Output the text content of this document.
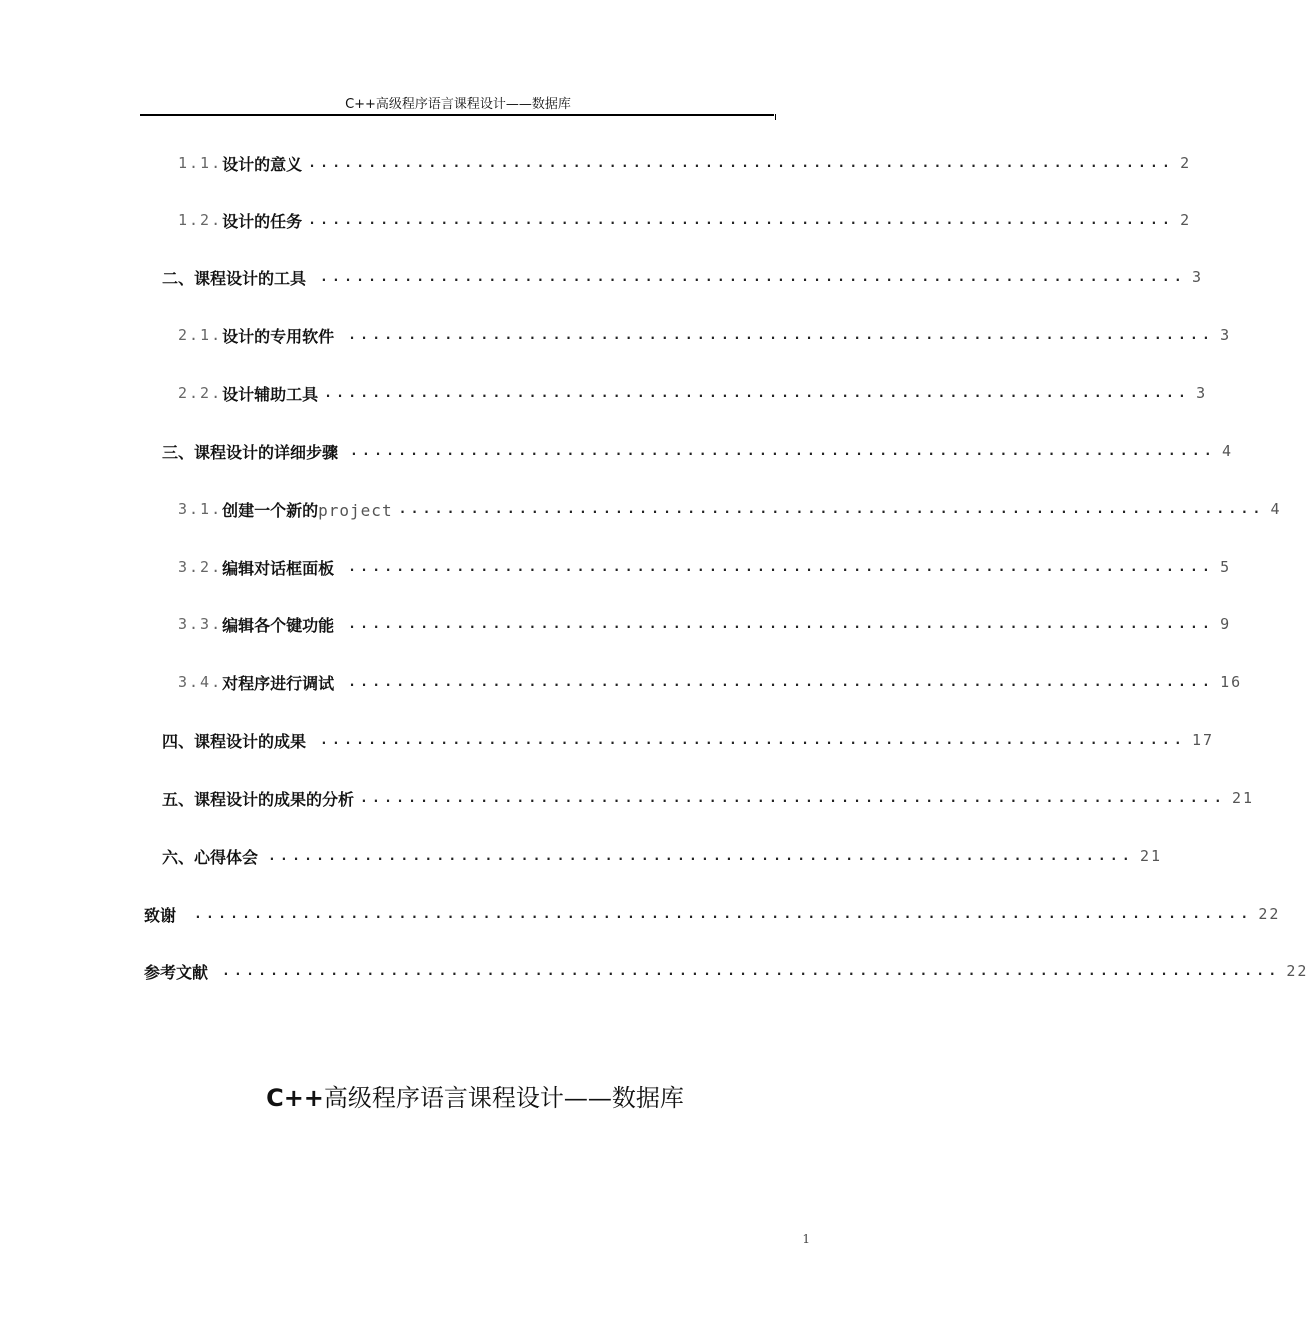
C++高级程序语言课程设计——数据库
1.1. 设计的意义 ........................................................................ 2
1.2. 设计的任务 ........................................................................ 2
二、 课程设计的工具	........................................................................ 3
2.1. 设计的专用软件	........................................................................ 3
2.2. 设计辅助工具 ........................................................................ 3
三、 课程设计的详细步骤 ........................................................................ 4
3.1. 创建一个新的project ........................................................................ 4
3.2. 编辑对话框面板	........................................................................ 5
3.3. 编辑各个键功能	........................................................................ 9
3.4. 对程序进行调试	........................................................................ 16
四、 课程设计的成果	........................................................................ 17
五、 课程设计的成果的分析 ........................................................................ 21
六、 心得体会 ........................................................................ 21
致谢	........................................................................................ 22
参考文献	........................................................................................ 22
C++高级程序语言课程设计——数据库
1
